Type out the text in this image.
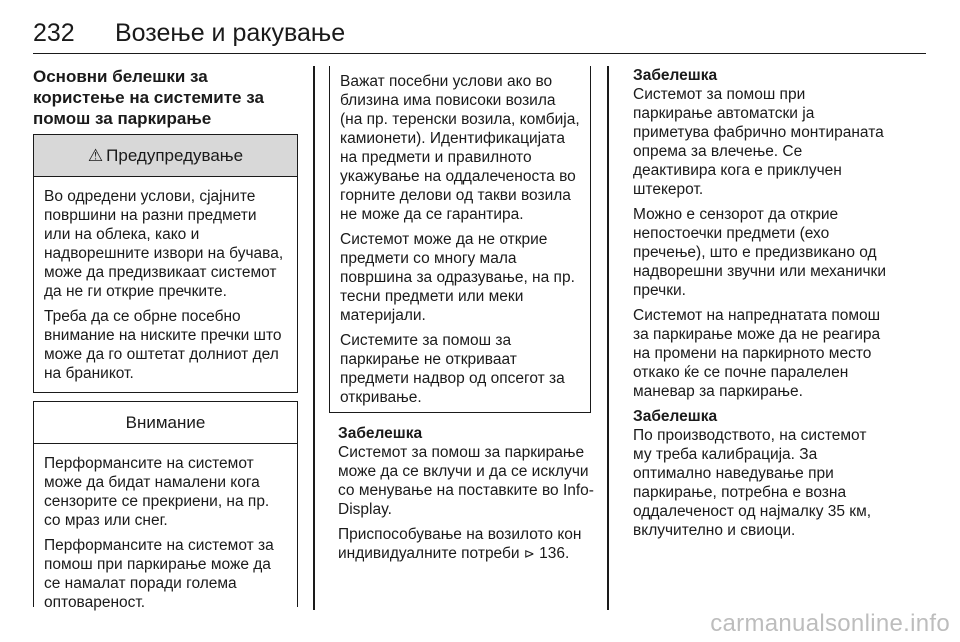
232 Возење и ракување
Основни белешки за користење на системите за помош за паркирање
⚠ Предупредување

Во одредени услови, сјајните површини на разни предмети или на облека, како и надворешните извори на бучава, може да предизвикаат системот да не ги открие пречките.

Треба да се обрне посебно внимание на ниските пречки што може да го оштетат долниот дел на браникот.

Внимание

Перформансите на системот може да бидат намалени кога сензорите се прекриени, на пр. со мраз или снег.

Перформансите на системот за помош при паркирање може да се намалат поради голема оптовареност.

Важат посебни услови ако во близина има повисоки возила (на пр. теренски возила, комбија, камионети). Идентификацијата на предмети и правилното укажување на оддалеченоста во горните делови од такви возила не може да се гарантира.

Системот може да не открие предмети со многу мала површина за одразување, на пр. тесни предмети или меки материјали.

Системите за помош за паркирање не откриваат предмети надвор од опсегот за откривање.

Забелешка

Системот за помош за паркирање може да се вклучи и да се исклучи со менување на поставките во Info-Display.

Приспособување на возилото кон индивидуалните потреби ⊳ 136.

Забелешка

Системот за помош при паркирање автоматски ја приметува фабрично монтираната опрема за влечење. Се деактивира кога е приклучен штекерот.

Можно е сензорот да открие непостоечки предмети (ехо пречење), што е предизвикано од надворешни звучни или механички пречки.

Системот на напреднатата помош за паркирање може да не реагира на промени на паркирното место откако ќе се почне паралелен маневар за паркирање.

Забелешка

По производството, на системот му треба калибрација. За оптимално наведување при паркирање, потребна е возна оддалеченост од најмалку 35 км, вклучително и свиоци.

carmanualsonline.info
